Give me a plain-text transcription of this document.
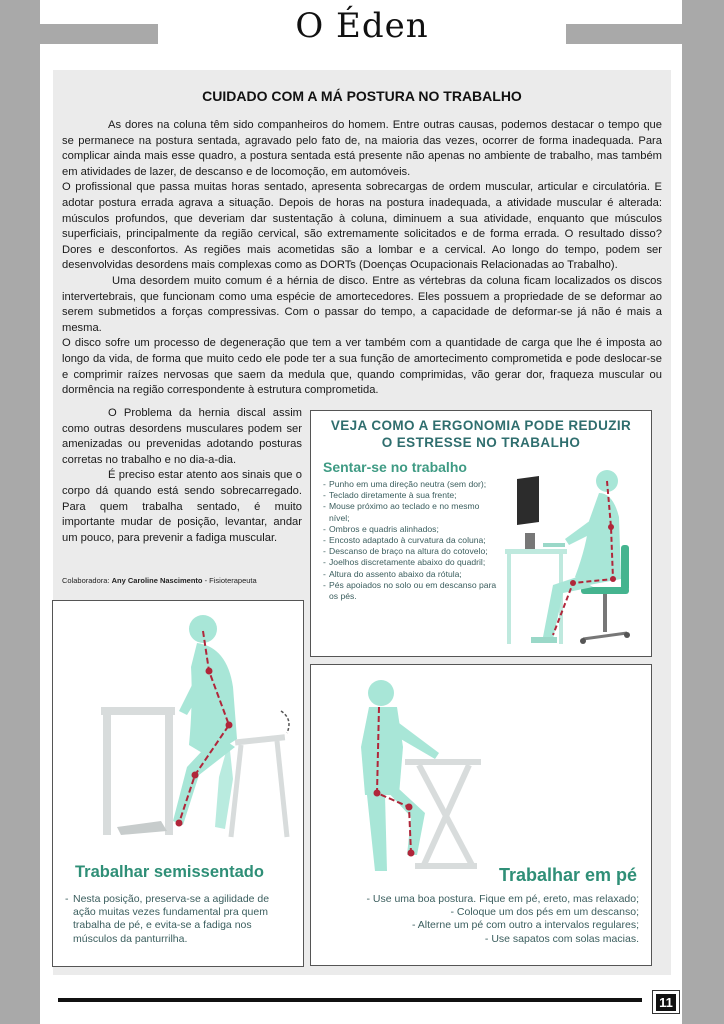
O Éden
CUIDADO COM A MÁ POSTURA NO TRABALHO

As dores na coluna têm sido companheiros do homem. Entre outras causas, podemos destacar o tempo que se permanece na postura sentada, agravado pelo fato de, na maioria das vezes, ocorrer de forma inadequada. Para complicar ainda mais esse quadro, a postura sentada está presente não apenas no ambiente de trabalho, mas também em atividades de lazer, de descanso e de locomoção, em automóveis.

O profissional que passa muitas horas sentado, apresenta sobrecargas de ordem muscular, articular e circulatória. E adotar postura errada agrava a situação. Depois de horas na postura inadequada, a atividade muscular é alterada: músculos profundos, que deveriam dar sustentação à coluna, diminuem a sua atividade, enquanto que músculos superficiais, principalmente da região cervical, são extremamente solicitados e de forma errada. O resultado disso? Dores e desconfortos. As regiões mais acometidas são a lombar e a cervical. Ao longo do tempo, podem ser desenvolvidas desordens mais complexas como as DORTs (Doenças Ocupacionais Relacionadas ao Trabalho).

Uma desordem muito comum é a hérnia de disco. Entre as vértebras da coluna ficam localizados os discos intervertebrais, que funcionam como uma espécie de amortecedores. Eles possuem a propriedade de se deformar ao serem submetidos a forças compressivas. Com o passar do tempo, a capacidade de deformar-se já não é mais a mesma.

O disco sofre um processo de degeneração que tem a ver também com a quantidade de carga que lhe é imposta ao longo da vida, de forma que muito cedo ele pode ter a sua função de amortecimento comprometida e pode deslocar-se e comprimir raízes nervosas que saem da medula que, quando comprimidas, vão gerar dor, fraqueza muscular ou dormência na região correspondente à estrutura comprometida.

O Problema da hernia discal assim como outras desordens musculares podem ser amenizadas ou prevenidas adotando posturas corretas no trabalho e no dia-a-dia.

É preciso estar atento aos sinais que o corpo dá quando está sendo sobrecarregado. Para quem trabalha sentado, é muito importante mudar de posição, levantar, andar um pouco, para prevenir a fadiga muscular.

Colaboradora: Any Caroline Nascimento - Fisioterapeuta
VEJA COMO A ERGONOMIA PODE REDUZIR
O ESTRESSE NO TRABALHO
Sentar-se no trabalho
- Punho em uma direção neutra (sem dor);
- Teclado diretamente à sua frente;
- Mouse próximo ao teclado e no mesmo nível;
- Ombros e quadris alinhados;
- Encosto adaptado à curvatura da coluna;
- Descanso de braço na altura do cotovelo;
- Joelhos discretamente abaixo do quadril;
- Altura do assento abaixo da rótula;
- Pés apoiados no solo ou em descanso para os pés.
Trabalhar semissentado
- Nesta posição, preserva-se a agilidade de ação muitas vezes fundamental pra quem trabalha de pé, e evita-se a fadiga nos músculos da panturrilha.
Trabalhar em pé
- Use uma boa postura. Fique em pé, ereto, mas relaxado;
- Coloque um dos pés em um descanso;
- Alterne um pé com outro a intervalos regulares;
- Use sapatos com solas macias.
11
